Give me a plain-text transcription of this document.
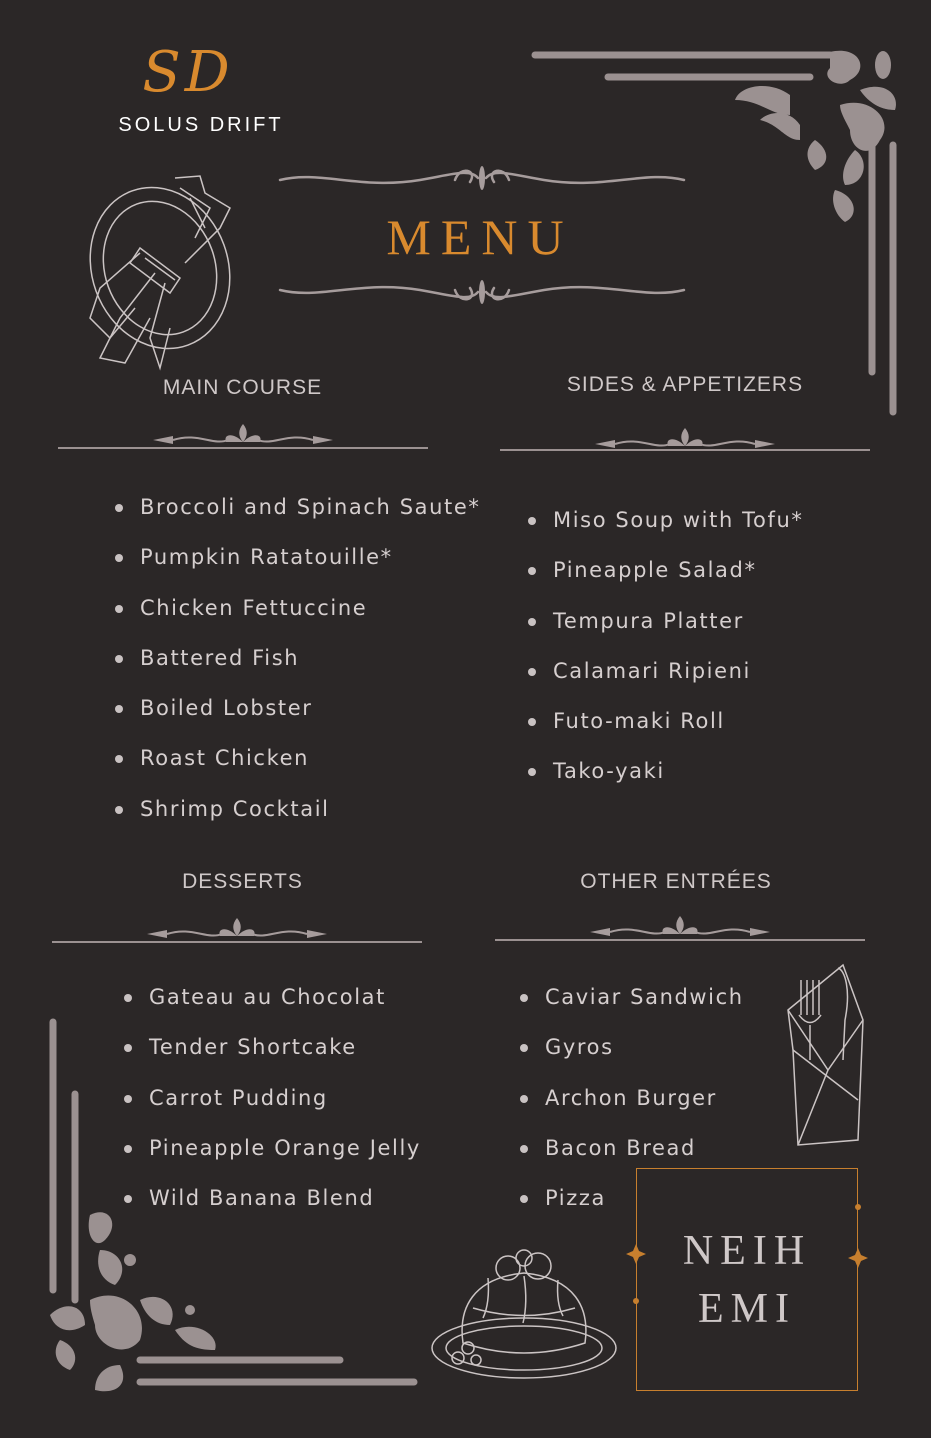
SD
SOLUS DRIFT
MENU
MAIN COURSE
Broccoli and Spinach Saute*
Pumpkin Ratatouille*
Chicken Fettuccine
Battered Fish
Boiled Lobster
Roast Chicken
Shrimp Cocktail
SIDES & APPETIZERS
Miso Soup with Tofu*
Pineapple Salad*
Tempura Platter
Calamari Ripieni
Futo-maki Roll
Tako-yaki
DESSERTS
Gateau au Chocolat
Tender Shortcake
Carrot Pudding
Pineapple Orange Jelly
Wild Banana Blend
OTHER ENTRÉES
Caviar Sandwich
Gyros
Archon Burger
Bacon Bread
Pizza
NEIH
EMI
